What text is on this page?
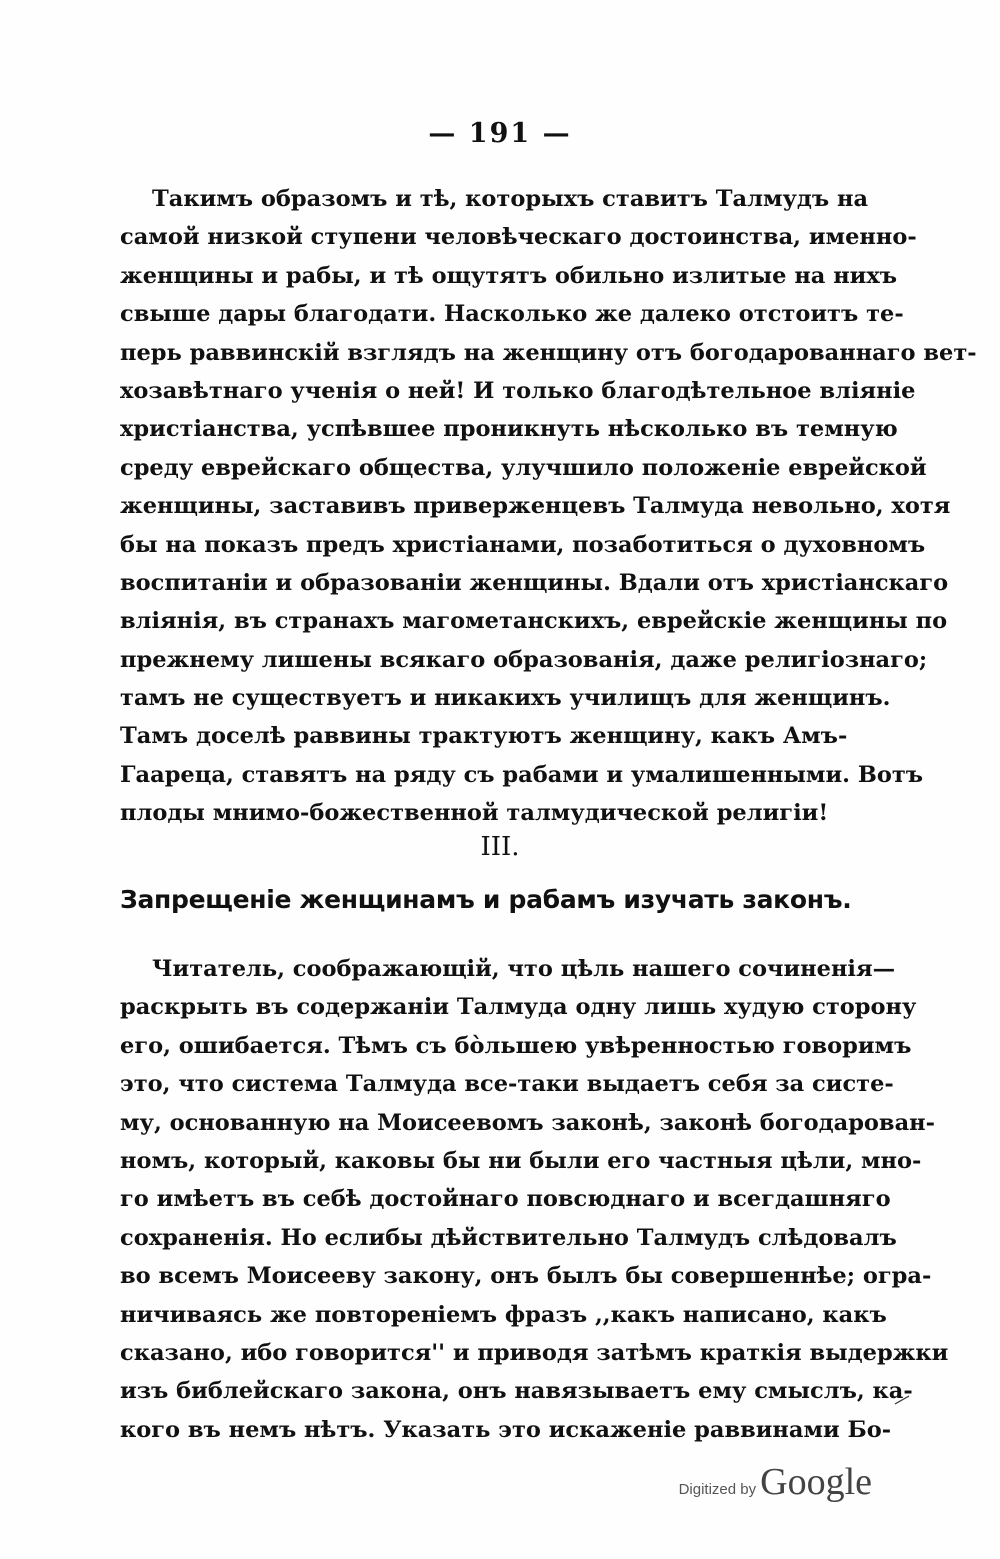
— 191 —
Такимъ образомъ и тѣ, которыхъ ставитъ Талмудъ на
самой низкой ступени человѣческаго достоинства, именно-
женщины и рабы, и тѣ ощутятъ обильно излитые на нихъ
свыше дары благодати. Насколько же далеко отстоитъ те-
перь раввинскій взглядъ на женщину отъ богодарованнаго вет-
хозавѣтнаго ученія о ней! И только благодѣтельное вліяніе
христіанства, успѣвшее проникнуть нѣсколько въ темную
среду еврейскаго общества, улучшило положеніе еврейской
женщины, заставивъ приверженцевъ Талмуда невольно, хотя
бы на показъ предъ христіанами, позаботиться о духовномъ
воспитаніи и образованіи женщины. Вдали отъ христіанскаго
вліянія, въ странахъ магометанскихъ, еврейскіе женщины по
прежнему лишены всякаго образованія, даже религіознаго;
тамъ не существуетъ и никакихъ училищъ для женщинъ.
Тамъ доселѣ раввины трактуютъ женщину, какъ Амъ-
Гаареца, ставятъ на ряду съ рабами и умалишенными. Вотъ
плоды мнимо-божественной талмудической религіи!
III.
Запрещеніе женщинамъ и рабамъ изучать законъ.
Читатель, соображающій, что цѣль нашего сочиненія—
раскрыть въ содержаніи Талмуда одну лишь худую сторону
его, ошибается. Тѣмъ съ бо̀льшею увѣренностью говоримъ
это, что система Талмуда все-таки выдаетъ себя за систе-
му, основанную на Моисеевомъ законѣ, законѣ богодарован-
номъ, который, каковы бы ни были его частныя цѣли, мно-
го имѣетъ въ себѣ достойнаго повсюднаго и всегдашняго
сохраненія. Но еслибы дѣйствительно Талмудъ слѣдовалъ
во всемъ Моисееву закону, онъ былъ бы совершеннѣе; огра-
ничиваясь же повтореніемъ фразъ ,,какъ написано, какъ
сказано, ибо говорится'' и приводя затѣмъ краткія выдержки
изъ библейскаго закона, онъ навязываетъ ему смыслъ, ка-
кого въ немъ нѣтъ. Указать это искаженіе раввинами Бо-
Digitized by Google
